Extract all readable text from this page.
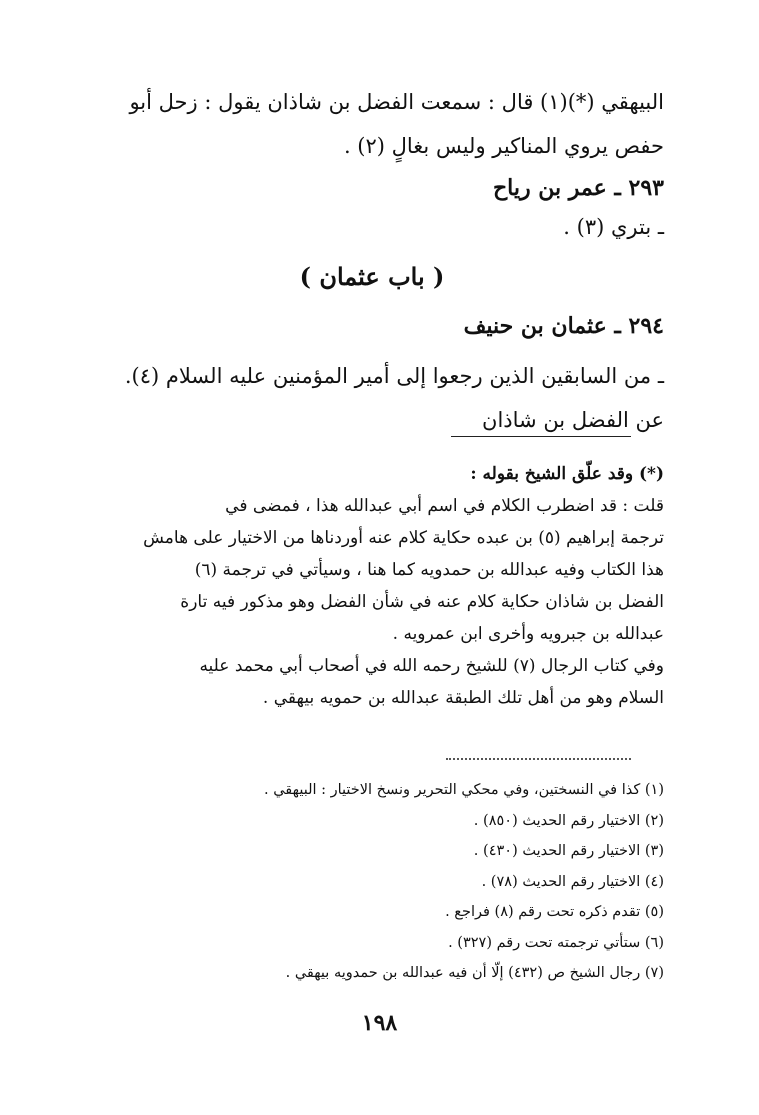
البيهقي (*)(١) قال : سمعت الفضل بن شاذان يقول : زحل أبو
حفص يروي المناكير وليس بغالٍ (٢) .
٢٩٣ ـ عمر بن رياح
ـ بتري (٣) .
( باب عثمان )
٢٩٤ ـ عثمان بن حنيف
ـ من السابقين الذين رجعوا إلى أمير المؤمنين عليه السلام (٤).
عن الفضل بن شاذان
(*) وقد علّق الشيخ بقوله :
قلت : قد اضطرب الكلام في اسم أبي عبدالله هذا ، فمضى في
ترجمة إبراهيم (٥) بن عبده حكاية كلام عنه أوردناها من الاختيار على هامش
هذا الكتاب وفيه عبدالله بن حمدويه كما هنا ، وسيأتي في ترجمة (٦)
الفضل بن شاذان حكاية كلام عنه في شأن الفضل وهو مذكور فيه تارة
عبدالله بن جبرويه وأخرى ابن عمرويه .
وفي كتاب الرجال (٧) للشيخ رحمه الله في أصحاب أبي محمد عليه
السلام وهو من أهل تلك الطبقة عبدالله بن حمويه بيهقي .
(١) كذا في النسختين، وفي محكي التحرير ونسخ الاختيار : البيهقي .
(٢) الاختيار رقم الحديث (٨٥٠) .
(٣) الاختيار رقم الحديث (٤٣٠) .
(٤) الاختيار رقم الحديث (٧٨) .
(٥) تقدم ذكره تحت رقم (٨) فراجع .
(٦) ستأتي ترجمته تحت رقم (٣٢٧) .
(٧) رجال الشيخ ص (٤٣٢) إلّا أن فيه عبدالله بن حمدويه بيهقي .
١٩٨
